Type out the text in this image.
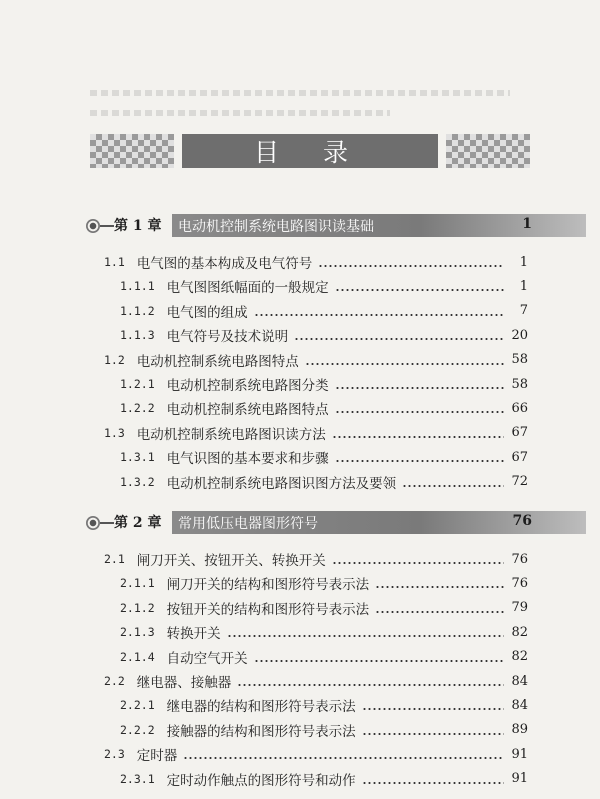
目 录
第 1 章	电动机控制系统电路图识读基础	1
1.1 电气图的基本构成及电气符号	1
1.1.1 电气图图纸幅面的一般规定	1
1.1.2 电气图的组成	7
1.1.3 电气符号及技术说明	20
1.2 电动机控制系统电路图特点	58
1.2.1 电动机控制系统电路图分类	58
1.2.2 电动机控制系统电路图特点	66
1.3 电动机控制系统电路图识读方法	67
1.3.1 电气识图的基本要求和步骤	67
1.3.2 电动机控制系统电路图识图方法及要领	72
第 2 章	常用低压电器图形符号	76
2.1 闸刀开关、按钮开关、转换开关	76
2.1.1 闸刀开关的结构和图形符号表示法	76
2.1.2 按钮开关的结构和图形符号表示法	79
2.1.3 转换开关	82
2.1.4 自动空气开关	82
2.2 继电器、接触器	84
2.2.1 继电器的结构和图形符号表示法	84
2.2.2 接触器的结构和图形符号表示法	89
2.3 定时器	91
2.3.1 定时动作触点的图形符号和动作	91
